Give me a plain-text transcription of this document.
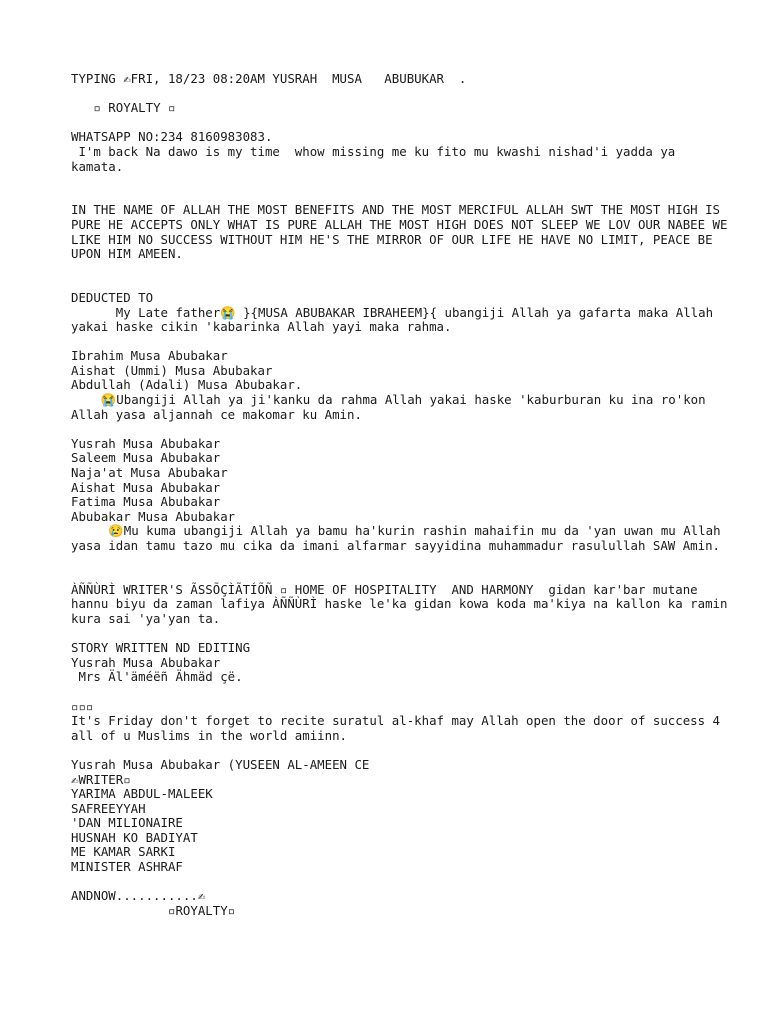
TYPING ✍FRI, 18/23 08:20AM YUSRAH  MUSA   ABUBUKAR  .
▫ ROYALTY ▫
WHATSAPP NO:234 8160983083.
I'm back Na dawo is my time  whow missing me ku fito mu kwashi nishad'i yadda ya kamata.
IN THE NAME OF ALLAH THE MOST BENEFITS AND THE MOST MERCIFUL ALLAH SWT THE MOST HIGH IS PURE HE ACCEPTS ONLY WHAT IS PURE ALLAH THE MOST HIGH DOES NOT SLEEP WE LOV OUR NABEE WE LIKE HIM NO SUCCESS WITHOUT HIM HE'S THE MIRROR OF OUR LIFE HE HAVE NO LIMIT, PEACE BE UPON HIM AMEEN.
DEDUCTED TO
My Late father😭 }{MUSA ABUBAKAR IBRAHEEM}{ ubangiji Allah ya gafarta maka Allah yakai haske cikin 'kabarinka Allah yayi maka rahma.
Ibrahim Musa Abubakar
Aishat (Ummi) Musa Abubakar
Abdullah (Adali) Musa Abubakar.
😭Ubangiji Allah ya ji'kanku da rahma Allah yakai haske 'kaburburan ku ina ro'kon Allah yasa aljannah ce makomar ku Amin.
Yusrah Musa Abubakar
Saleem Musa Abubakar
Naja'at Musa Abubakar
Aishat Musa Abubakar
Fatima Musa Abubakar
Abubakar Musa Abubakar
😢Mu kuma ubangiji Allah ya bamu ha'kurin rashin mahaifin mu da 'yan uwan mu Allah yasa idan tamu tazo mu cika da imani alfarmar sayyidina muhammadur rasulullah SAW Amin.
ÀÑÑÙRÌ WRITER'S ÃSSÕÇÌÃTÍÕÑ ▫ HOME OF HOSPITALITY  AND HARMONY  gidan kar'bar mutane hannu biyu da zaman lafiya ÀÑÑÙRÌ haske le'ka gidan kowa koda ma'kiya na kallon ka ramin kura sai 'ya'yan ta.
STORY WRITTEN ND EDITING
Yusrah Musa Abubakar
Mrs Äl'äméëñ Ähmäd çë.
▫▫▫
It's Friday don't forget to recite suratul al-khaf may Allah open the door of success 4 all of u Muslims in the world amiinn.
Yusrah Musa Abubakar (YUSEEN AL-AMEEN CE
✍WRITER▫
YARIMA ABDUL-MALEEK
SAFREEYYAH
'DAN MILIONAIRE
HUSNAH KO BADIYAT
ME KAMAR SARKI
MINISTER ASHRAF
ANDNOW...........✍
▫ROYALTY▫
